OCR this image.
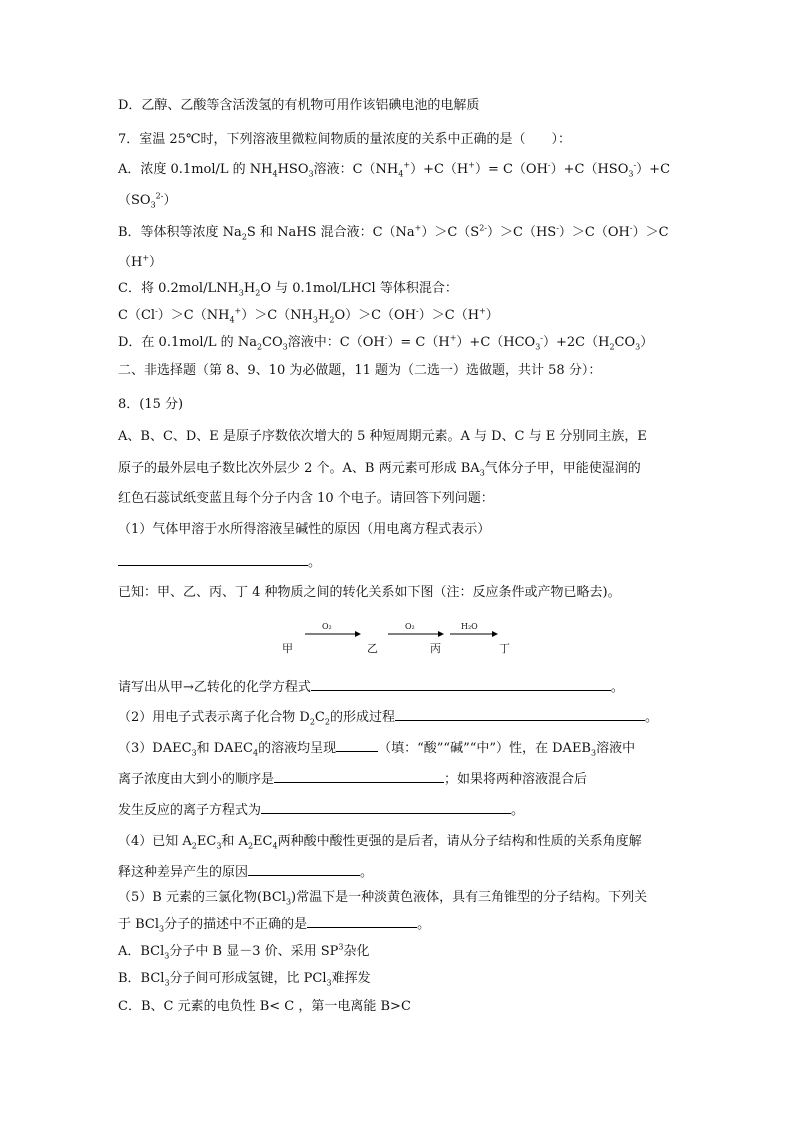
D．乙醇、乙酸等含活泼氢的有机物可用作该铝碘电池的电解质
7．室温 25℃时，下列溶液里微粒间物质的量浓度的关系中正确的是（　　）：
A．浓度 0.1mol/L 的 $NH_4HSO_3$溶液：$C(NH_4^+)+C(H^+)= C(OH^-)+C(HSO_3^-)+C$
$(SO_3^{2-})$
B．等体积等浓度 $Na_2S$ 和 NaHS 混合液：$C(Na^+)>C(S^{2-})>C(HS^-)>C(OH^-)>C$
（H+）
C．将 $0.2mol/LNH_3H_2O$ 与 0.1mol/LHCl 等体积混合：
$C(Cl^-)>C(NH_4^+)>C(NH_3H_2O)>C(OH^-)>C(H^+)$
D．在 0.1mol/L 的 $Na_2CO_3$溶液中：$C(OH^-)= C(H^+)+C(HCO_3^-)+2C(H_2CO_3)$
二、非选择题（第 8、9、10 为必做题，11 题为（二选一）选做题，共计 58 分）：
8．(15 分)
A、B、C、D、E 是原子序数依次增大的 5 种短周期元素。A 与 D、C 与 E 分别同主族，E
原子的最外层电子数比次外层少 2 个。A、B 两元素可形成 $BA_3$气体分子甲，甲能使湿润的
红色石蕊试纸变蓝且每个分子内含 10 个电子。请回答下列问题：
（1）气体甲溶于水所得溶液呈碱性的原因（用电离方程式表示）
。
已知：甲、乙、丙、丁 4 种物质之间的转化关系如下图（注：反应条件或产物已略去)。
O₂	O₂	H₂O
甲	乙	丙	丁
请写出从甲→乙转化的化学方程式	。
（2）用电子式表示离子化合物 $D_2C_2$的形成过程	。
$(3)DAEC_3$和 $DAEC_4$的溶液均呈现	（填：“酸”“碱”“中”）性，在 $DAEB_3$溶液中
离子浓度由大到小的顺序是	；如果将两种溶液混合后
发生反应的离子方程式为	。
（4）已知 $A_2EC_3$和 $A_2EC_4$两种酸中酸性更强的是后者，请从分子结构和性质的关系角度解
释这种差异产生的原因	。
（5）B 元素的三氯化物(BCl$_3$)常温下是一种淡黄色液体，具有三角锥型的分子结构。下列关
于 BCl$_3$分子的描述中不正确的是	。
A．BCl$_3$分子中 B 显－3 价、采用 $SP^3$杂化
B．BCl$_3$分子间可形成氢键，比 PCl$_3$难挥发
C．B、C 元素的电负性 B< C ，第一电离能 B>C
